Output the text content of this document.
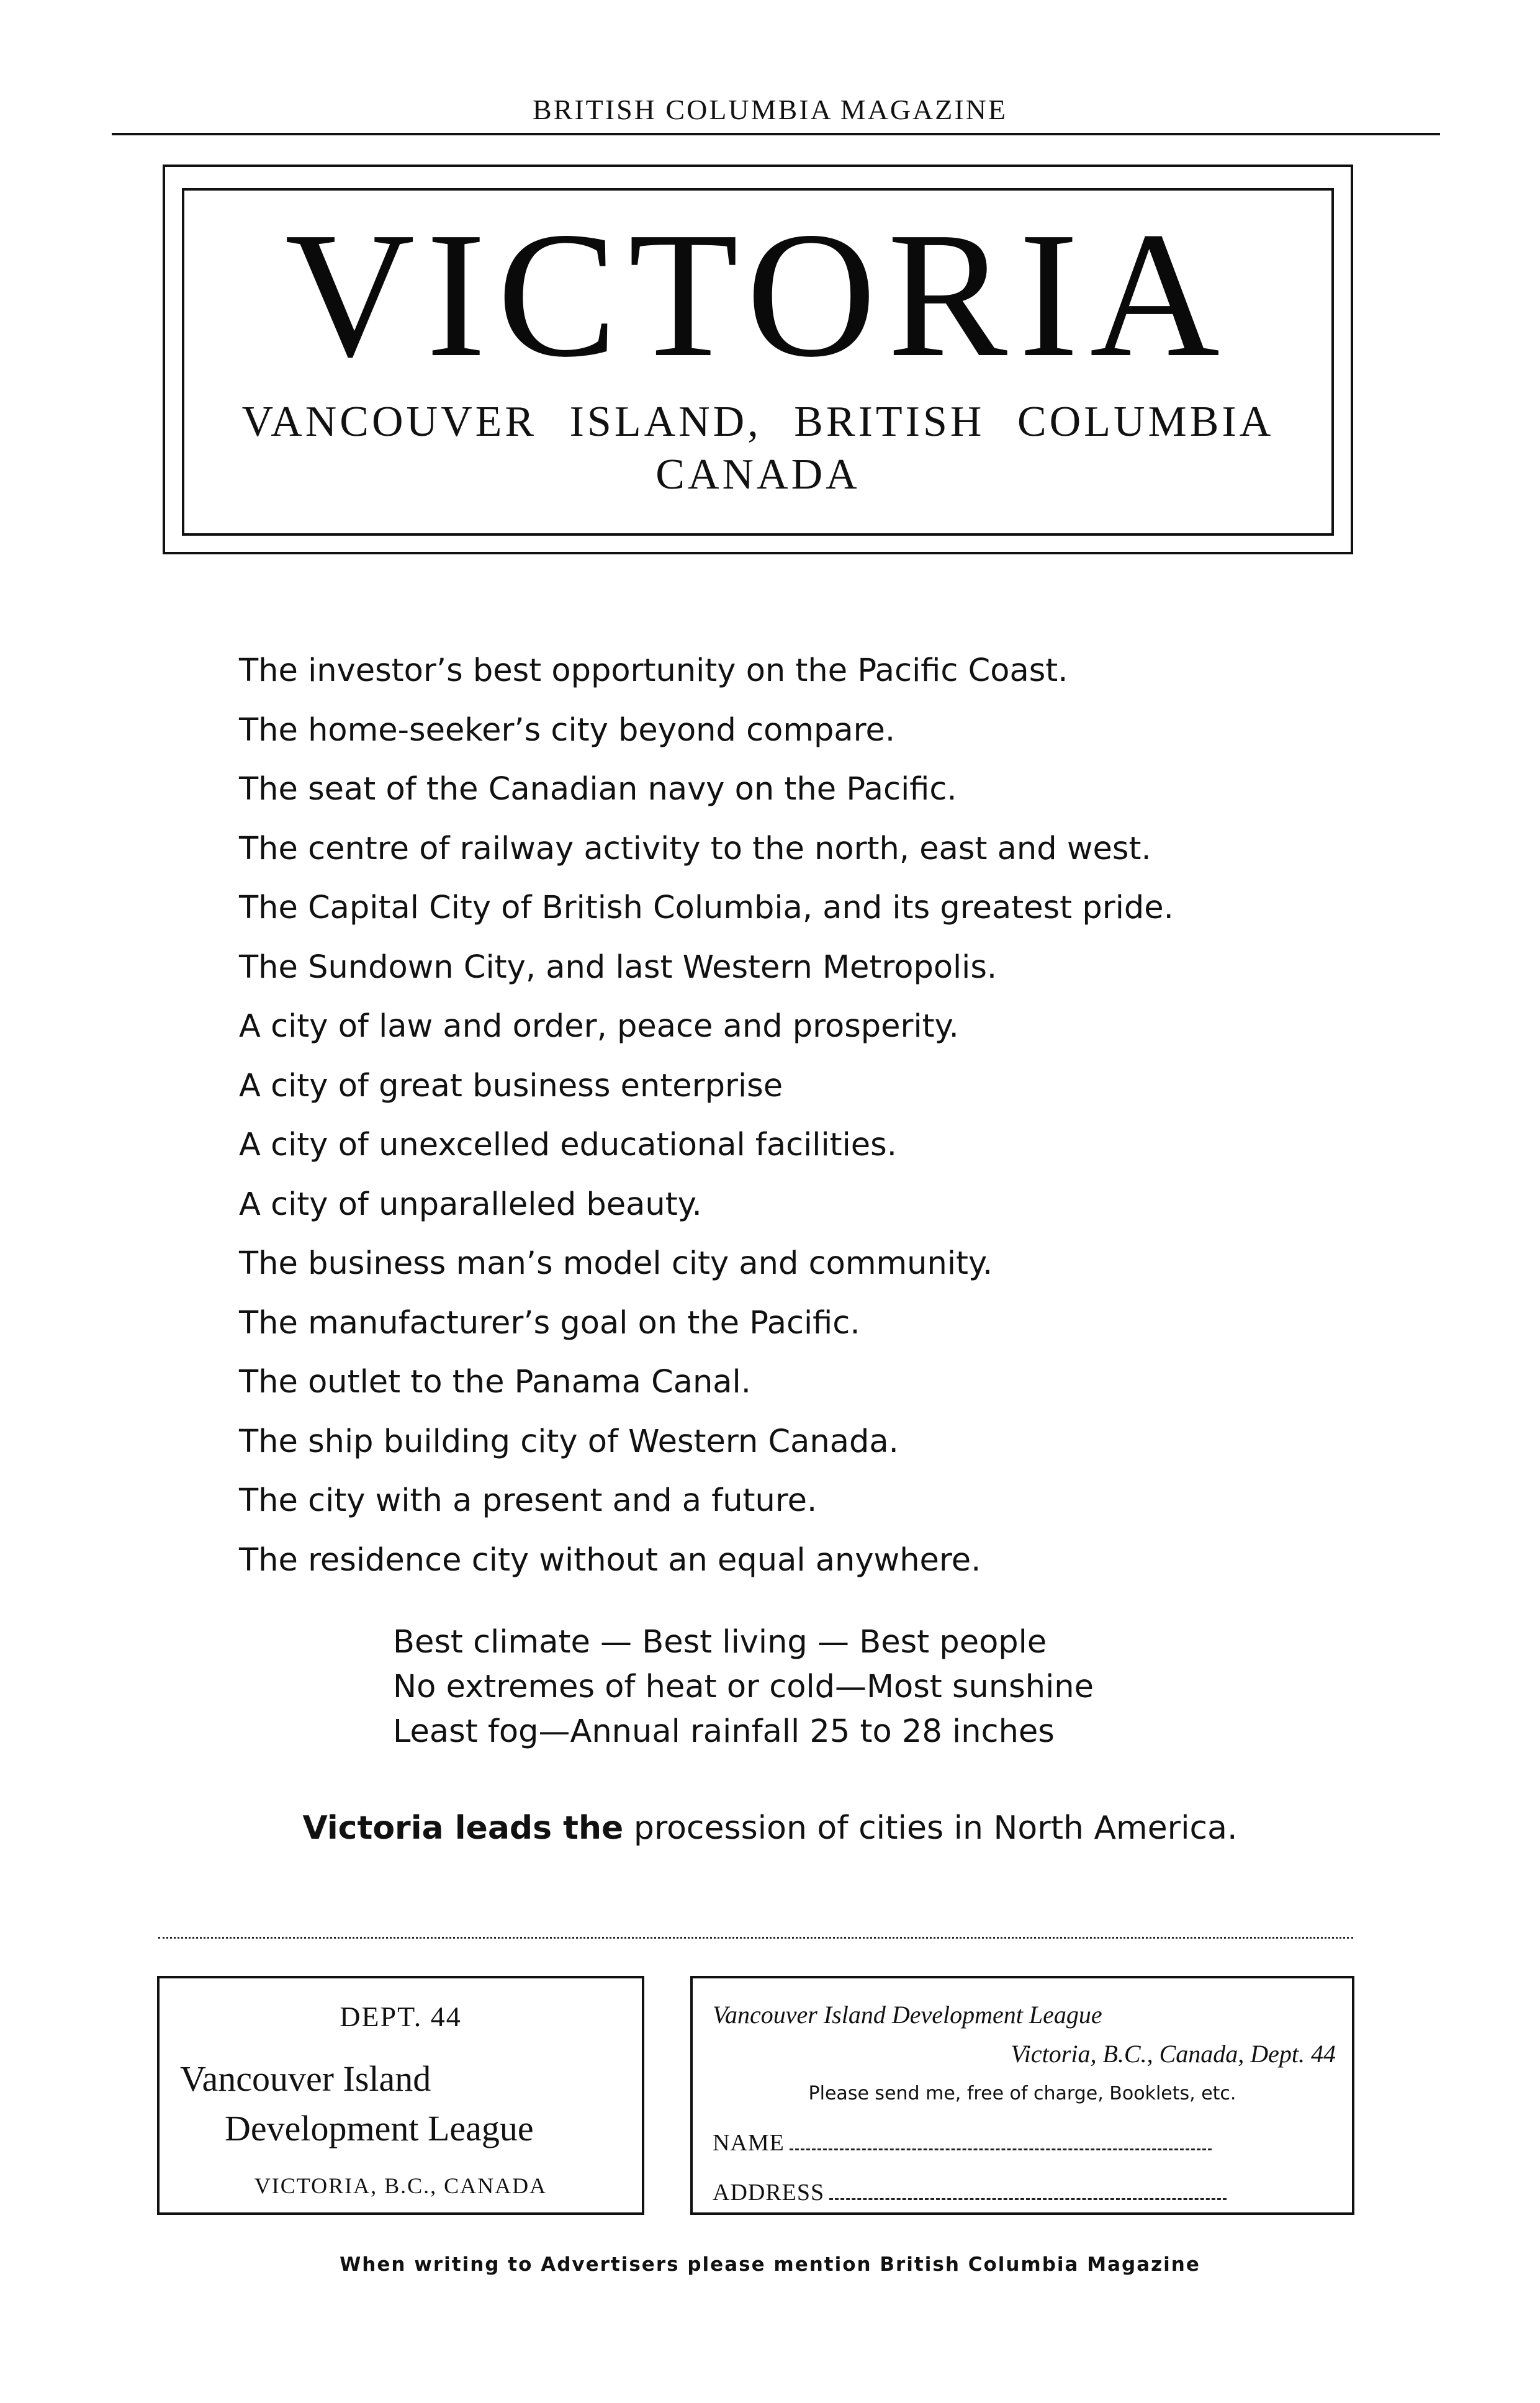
BRITISH COLUMBIA MAGAZINE
VICTORIA
VANCOUVER ISLAND, BRITISH COLUMBIA
CANADA
The investor’s best opportunity on the Pacific Coast.
The home-seeker’s city beyond compare.
The seat of the Canadian navy on the Pacific.
The centre of railway activity to the north, east and west.
The Capital City of British Columbia, and its greatest pride.
The Sundown City, and last Western Metropolis.
A city of law and order, peace and prosperity.
A city of great business enterprise
A city of unexcelled educational facilities.
A city of unparalleled beauty.
The business man’s model city and community.
The manufacturer’s goal on the Pacific.
The outlet to the Panama Canal.
The ship building city of Western Canada.
The city with a present and a future.
The residence city without an equal anywhere.
Best climate — Best living — Best people
No extremes of heat or cold—Most sunshine
Least fog—Annual rainfall 25 to 28 inches
Victoria leads the procession of cities in North America.
DEPT. 44
Vancouver Island
Development League
VICTORIA, B.C., CANADA
Vancouver Island Development League
Victoria, B.C., Canada, Dept. 44
Please send me, free of charge, Booklets, etc.
NAME
ADDRESS
When writing to Advertisers please mention British Columbia Magazine
